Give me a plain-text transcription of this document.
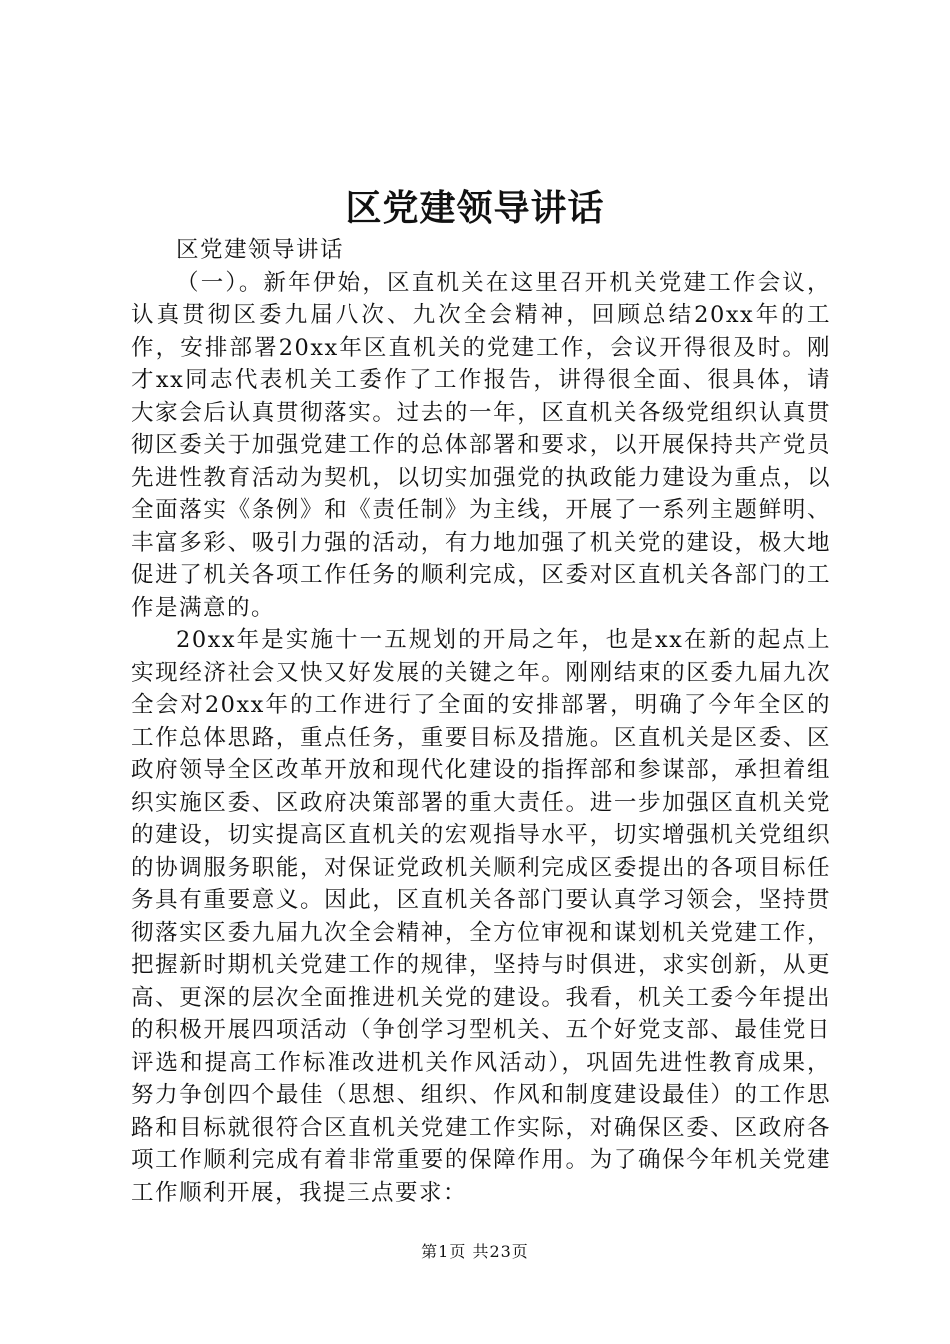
区党建领导讲话

区党建领导讲话

（一）。新年伊始，区直机关在这里召开机关党建工作会议，认真贯彻区委九届八次、九次全会精神，回顾总结20xx年的工作，安排部署20xx年区直机关的党建工作，会议开得很及时。刚才xx同志代表机关工委作了工作报告，讲得很全面、很具体，请大家会后认真贯彻落实。过去的一年，区直机关各级党组织认真贯彻区委关于加强党建工作的总体部署和要求，以开展保持共产党员先进性教育活动为契机，以切实加强党的执政能力建设为重点，以全面落实《条例》和《责任制》为主线，开展了一系列主题鲜明、丰富多彩、吸引力强的活动，有力地加强了机关党的建设，极大地促进了机关各项工作任务的顺利完成，区委对区直机关各部门的工作是满意的。

20xx年是实施十一五规划的开局之年，也是xx在新的起点上实现经济社会又快又好发展的关键之年。刚刚结束的区委九届九次全会对20xx年的工作进行了全面的安排部署，明确了今年全区的工作总体思路，重点任务，重要目标及措施。区直机关是区委、区政府领导全区改革开放和现代化建设的指挥部和参谋部，承担着组织实施区委、区政府决策部署的重大责任。进一步加强区直机关党的建设，切实提高区直机关的宏观指导水平，切实增强机关党组织的协调服务职能，对保证党政机关顺利完成区委提出的各项目标任务具有重要意义。因此，区直机关各部门要认真学习领会，坚持贯彻落实区委九届九次全会精神，全方位审视和谋划机关党建工作，把握新时期机关党建工作的规律，坚持与时俱进，求实创新，从更高、更深的层次全面推进机关党的建设。我看，机关工委今年提出的积极开展四项活动（争创学习型机关、五个好党支部、最佳党日评选和提高工作标准改进机关作风活动），巩固先进性教育成果，努力争创四个最佳（思想、组织、作风和制度建设最佳）的工作思路和目标就很符合区直机关党建工作实际，对确保区委、区政府各项工作顺利完成有着非常重要的保障作用。为了确保今年机关党建工作顺利开展，我提三点要求：

第1页 共23页
